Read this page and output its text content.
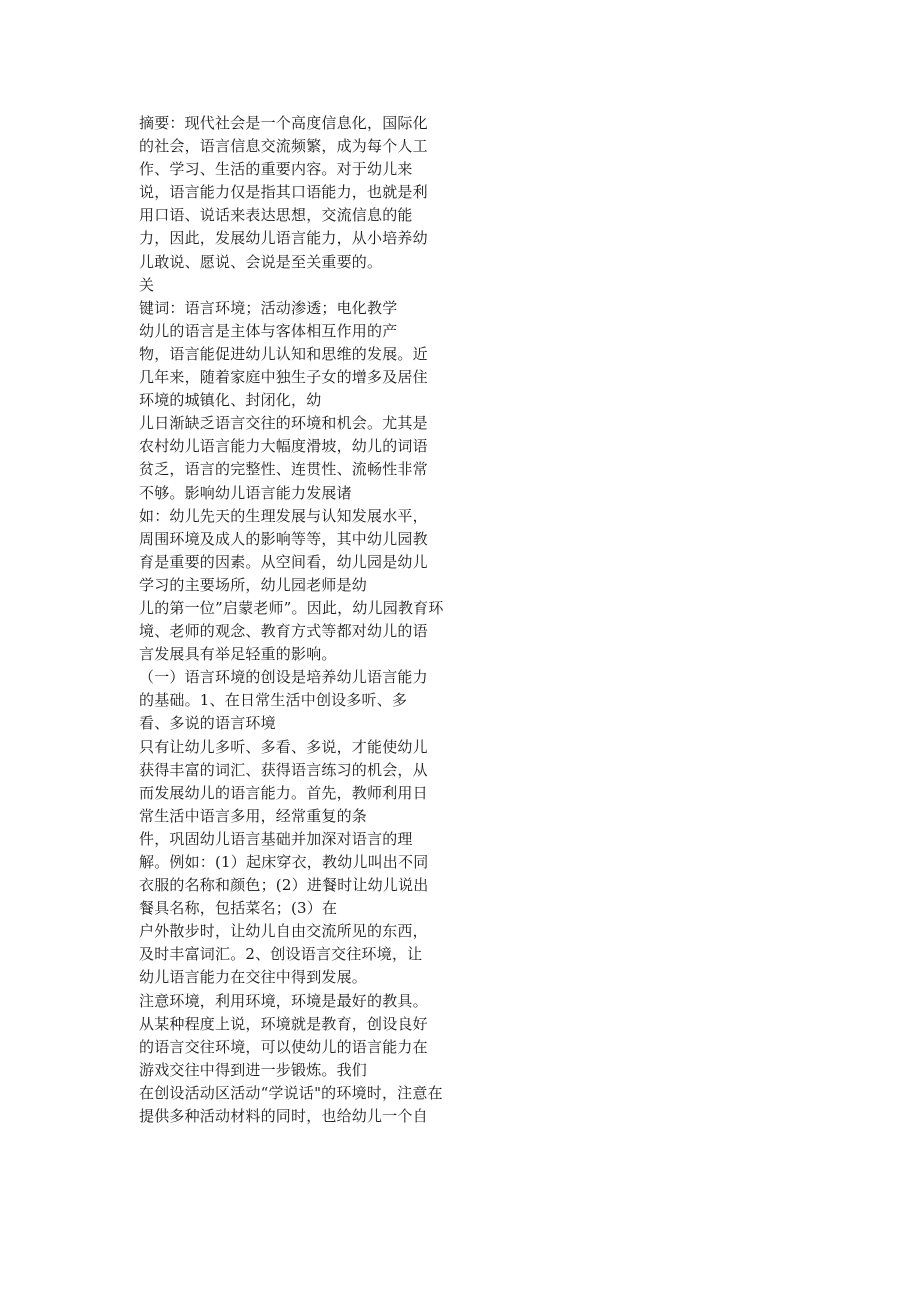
摘要：现代社会是一个高度信息化，国际化
的社会，语言信息交流频繁，成为每个人工
作、学习、生活的重要内容。对于幼儿来
说，语言能力仅是指其口语能力，也就是利
用口语、说话来表达思想，交流信息的能
力，因此，发展幼儿语言能力，从小培养幼
儿敢说、愿说、会说是至关重要的。
关
键词：语言环境；活动渗透；电化教学
幼儿的语言是主体与客体相互作用的产
物，语言能促进幼儿认知和思维的发展。近
几年来，随着家庭中独生子女的增多及居住
环境的城镇化、封闭化，幼
儿日渐缺乏语言交往的环境和机会。尤其是
农村幼儿语言能力大幅度滑坡，幼儿的词语
贫乏，语言的完整性、连贯性、流畅性非常
不够。影响幼儿语言能力发展诸
如：幼儿先天的生理发展与认知发展水平，
周围环境及成人的影响等等，其中幼儿园教
育是重要的因素。从空间看，幼儿园是幼儿
学习的主要场所，幼儿园老师是幼
儿的第一位”启蒙老师”。因此，幼儿园教育环
境、老师的观念、教育方式等都对幼儿的语
言发展具有举足轻重的影响。
（一）语言环境的创设是培养幼儿语言能力
的基础。1、在日常生活中创设多听、多
看、多说的语言环境
只有让幼儿多听、多看、多说，才能使幼儿
获得丰富的词汇、获得语言练习的机会，从
而发展幼儿的语言能力。首先，教师利用日
常生活中语言多用，经常重复的条
件，巩固幼儿语言基础并加深对语言的理
解。例如：(1）起床穿衣，教幼儿叫出不同
衣服的名称和颜色；(2）进餐时让幼儿说出
餐具名称，包括菜名；(3）在
户外散步时，让幼儿自由交流所见的东西，
及时丰富词汇。2、创设语言交往环境，让
幼儿语言能力在交往中得到发展。
注意环境，利用环境，环境是最好的教具。
从某种程度上说，环境就是教育，创设良好
的语言交往环境，可以使幼儿的语言能力在
游戏交往中得到进一步锻炼。我们
在创设活动区活动“学说话"的环境时，注意在
提供多种活动材料的同时，也给幼儿一个自
